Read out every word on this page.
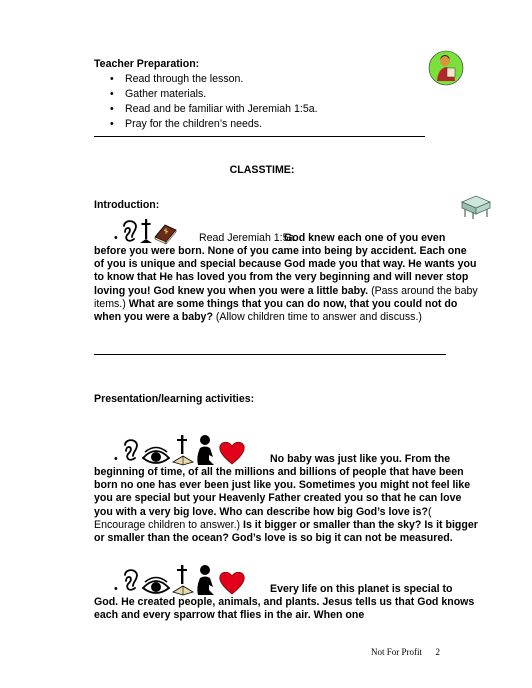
Teacher Preparation:
• Read through the lesson.
• Gather materials.
• Read and be familiar with Jeremiah 1:5a.
• Pray for the children’s needs.
CLASSTIME:
Introduction:
•	Read Jeremiah 1:5a.
God knew each one of you even before you were born. None of you came into being by accident. Each one of you is unique and special because God made you that way. He wants you to know that He has loved you from the very beginning and will never stop loving you! God knew you when you were a little baby. (Pass around the baby items.) What are some things that you can do now, that you could not do when you were a baby? (Allow children time to answer and discuss.)
Presentation/learning activities:
•	No baby was just like you. From the beginning of time, of all the millions and billions of people that have been born no one has ever been just like you. Sometimes you might not feel like you are special but your Heavenly Father created you so that he can love you with a very big love. Who can describe how big God’s love is?( Encourage children to answer.) Is it bigger or smaller than the sky? Is it bigger or smaller than the ocean? God’s love is so big it can not be measured.
•	Every life on this planet is special to God. He created people, animals, and plants. Jesus tells us that God knows each and every sparrow that flies in the air. When one
Not For Profit 2
